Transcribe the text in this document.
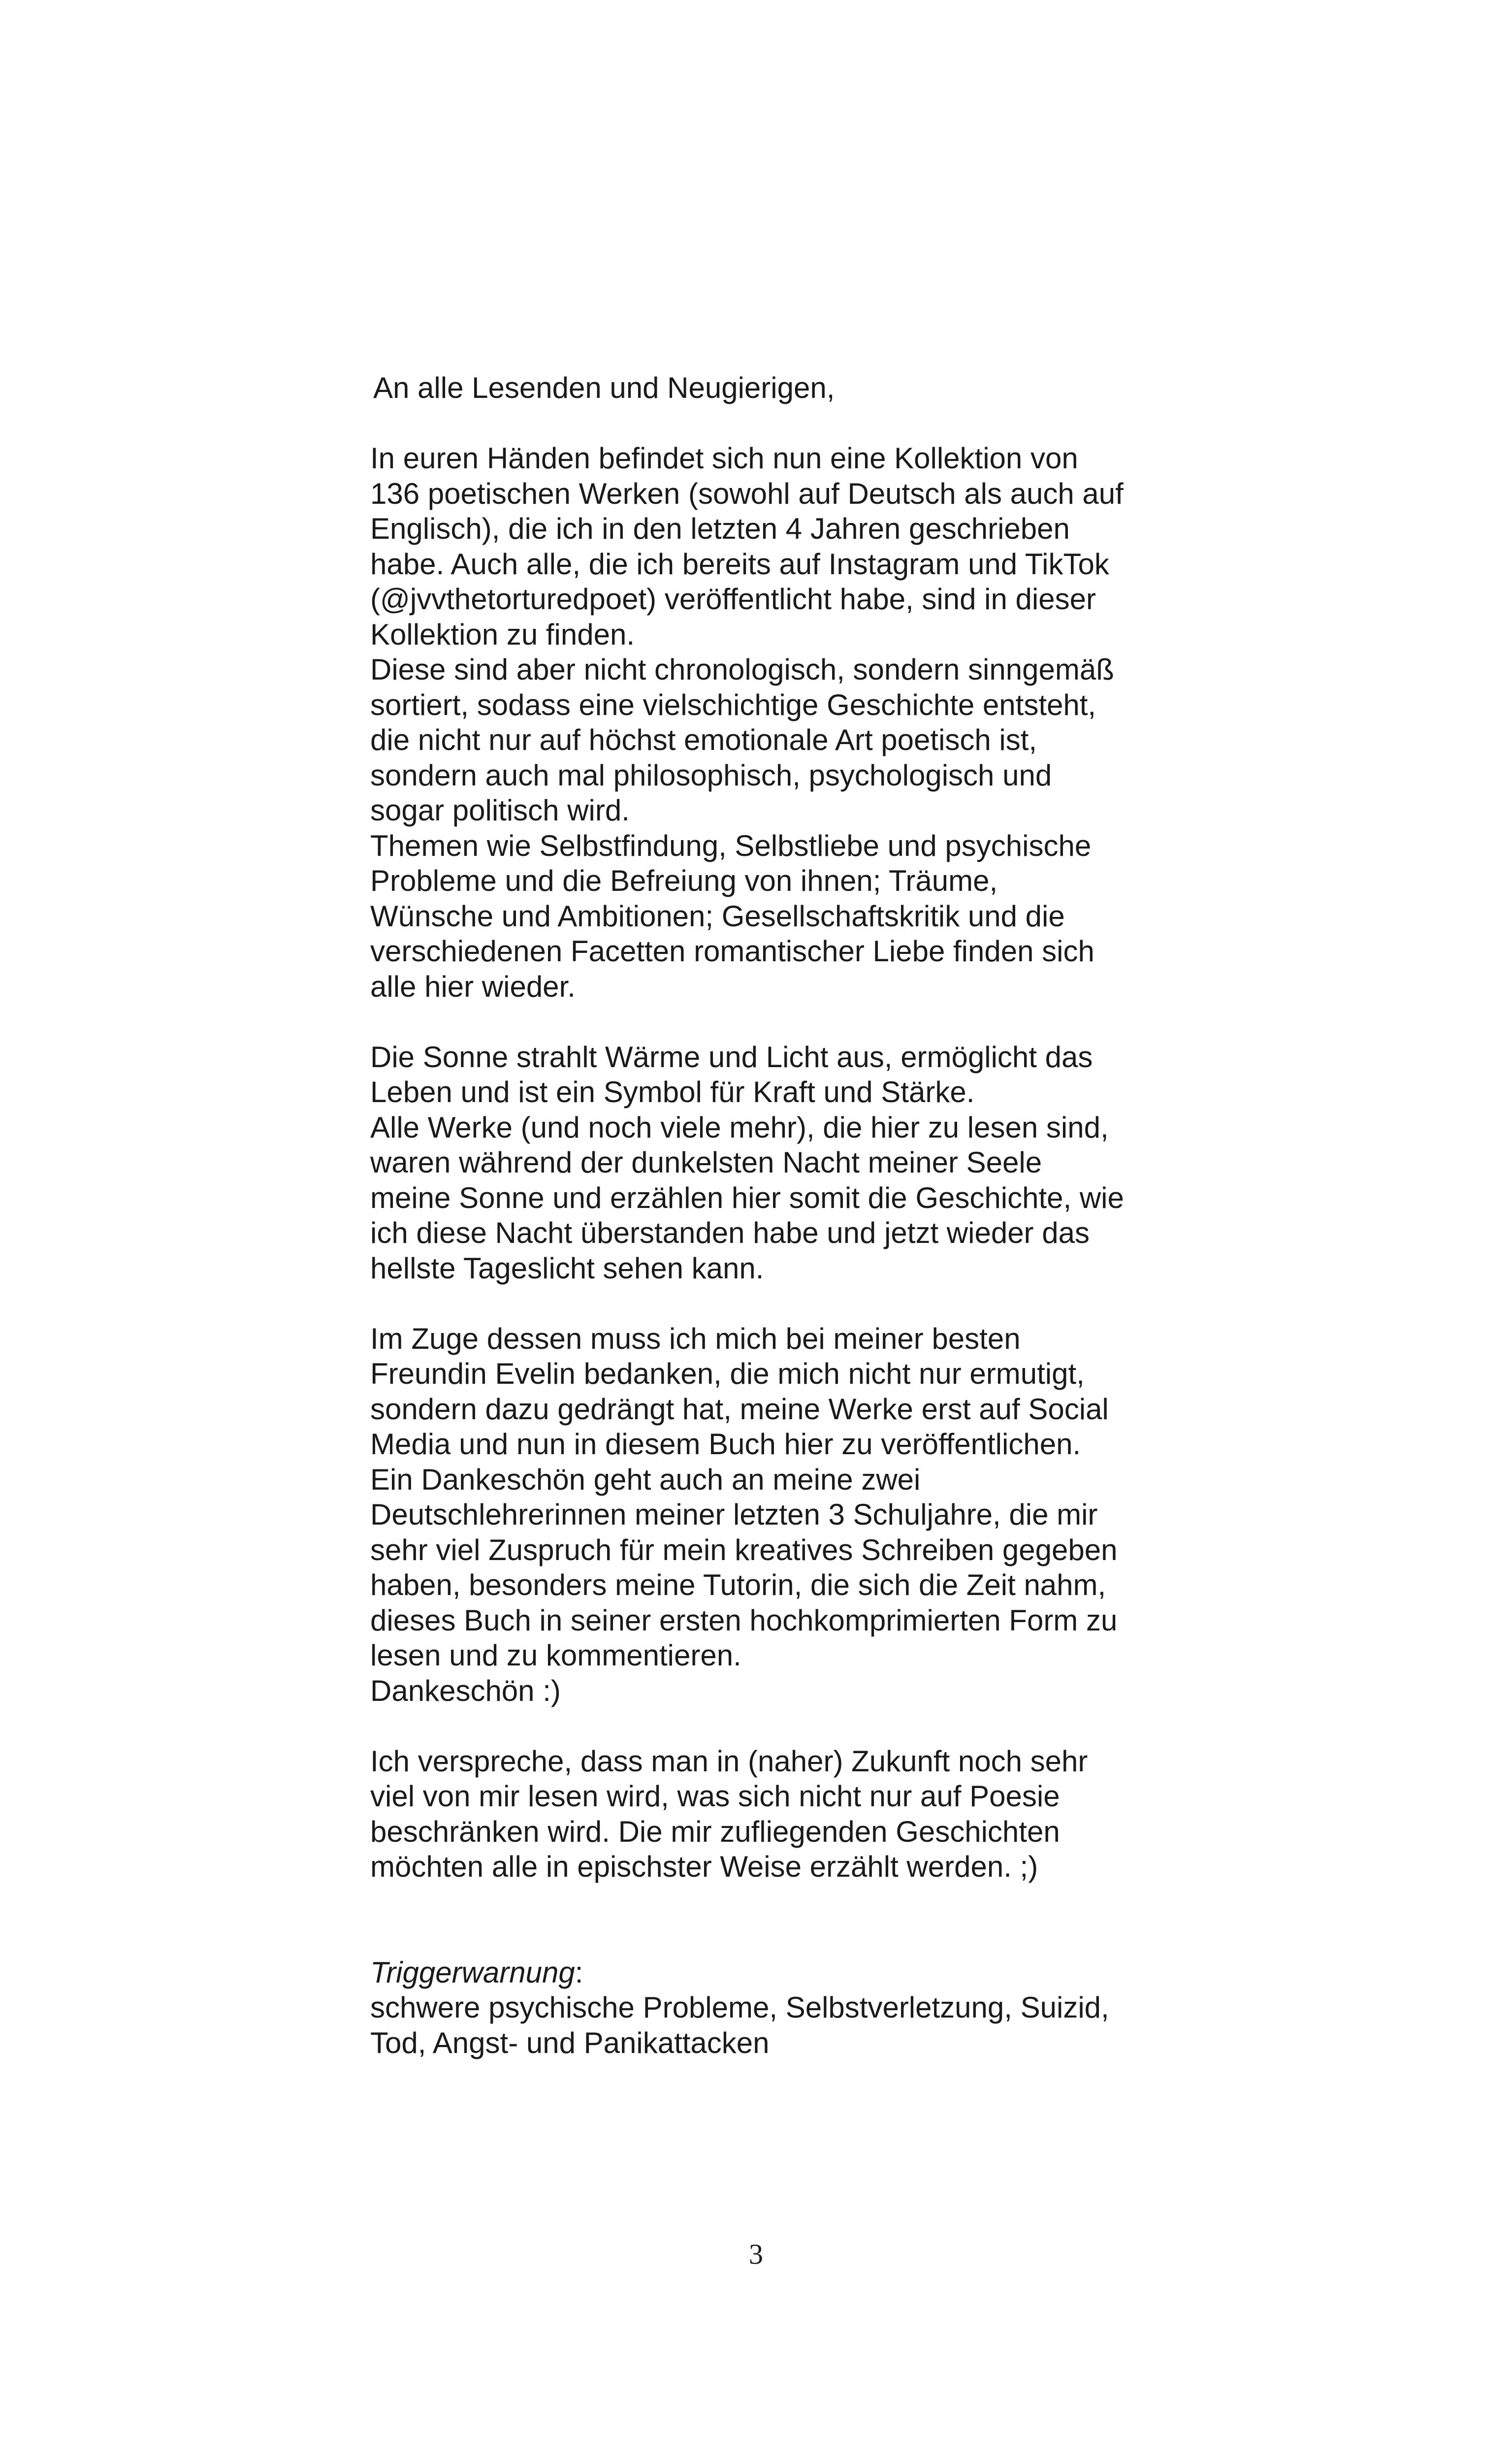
An alle Lesenden und Neugierigen,
In euren Händen befindet sich nun eine Kollektion von
136 poetischen Werken (sowohl auf Deutsch als auch auf
Englisch), die ich in den letzten 4 Jahren geschrieben
habe. Auch alle, die ich bereits auf Instagram und TikTok
(@jvvthetorturedpoet) veröffentlicht habe, sind in dieser
Kollektion zu finden.
Diese sind aber nicht chronologisch, sondern sinngemäß
sortiert, sodass eine vielschichtige Geschichte entsteht,
die nicht nur auf höchst emotionale Art poetisch ist,
sondern auch mal philosophisch, psychologisch und
sogar politisch wird.
Themen wie Selbstfindung, Selbstliebe und psychische
Probleme und die Befreiung von ihnen; Träume,
Wünsche und Ambitionen; Gesellschaftskritik und die
verschiedenen Facetten romantischer Liebe finden sich
alle hier wieder.
Die Sonne strahlt Wärme und Licht aus, ermöglicht das
Leben und ist ein Symbol für Kraft und Stärke.
Alle Werke (und noch viele mehr), die hier zu lesen sind,
waren während der dunkelsten Nacht meiner Seele
meine Sonne und erzählen hier somit die Geschichte, wie
ich diese Nacht überstanden habe und jetzt wieder das
hellste Tageslicht sehen kann.
Im Zuge dessen muss ich mich bei meiner besten
Freundin Evelin bedanken, die mich nicht nur ermutigt,
sondern dazu gedrängt hat, meine Werke erst auf Social
Media und nun in diesem Buch hier zu veröffentlichen.
Ein Dankeschön geht auch an meine zwei
Deutschlehrerinnen meiner letzten 3 Schuljahre, die mir
sehr viel Zuspruch für mein kreatives Schreiben gegeben
haben, besonders meine Tutorin, die sich die Zeit nahm,
dieses Buch in seiner ersten hochkomprimierten Form zu
lesen und zu kommentieren.
Dankeschön :)
Ich verspreche, dass man in (naher) Zukunft noch sehr
viel von mir lesen wird, was sich nicht nur auf Poesie
beschränken wird. Die mir zufliegenden Geschichten
möchten alle in epischster Weise erzählt werden. ;)
Triggerwarnung:
schwere psychische Probleme, Selbstverletzung, Suizid,
Tod, Angst- und Panikattacken
3
